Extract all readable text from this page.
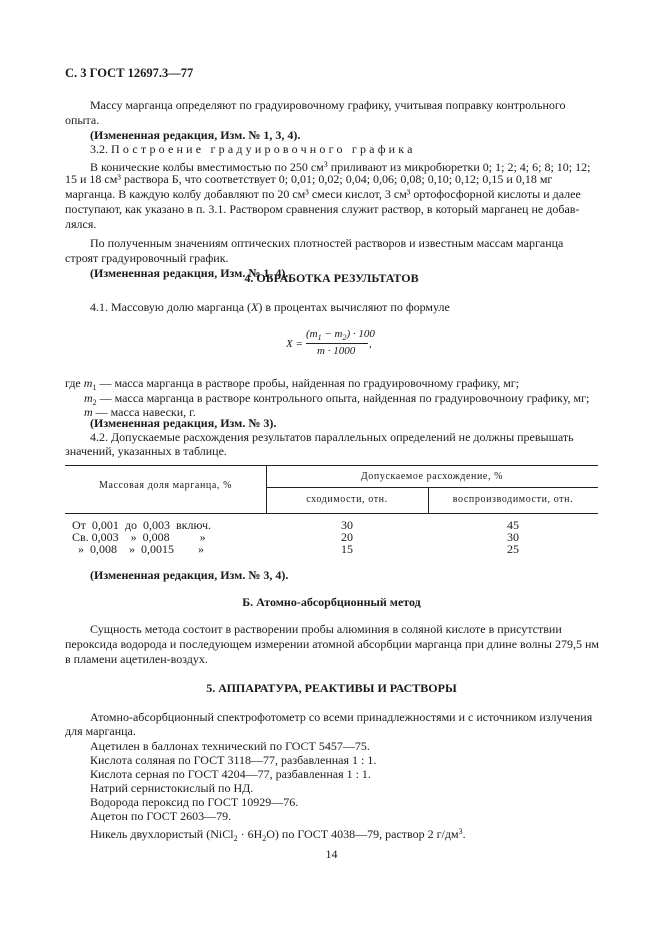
С. 3 ГОСТ 12697.3—77
Массу марганца определяют по градуировочному графику, учитывая поправку контрольного
опыта.
(Измененная редакция, Изм. № 1, 3, 4).
3.2. Построение градуировочного графика
В конические колбы вместимостью по 250 $см^3$ приливают из микробюретки 0; 1; 2; 4; 6; 8; 10; 12;
15 и 18 см³ раствора Б, что соответствует 0; 0,01; 0,02; 0,04; 0,06; 0,08; 0,10; 0,12; 0,15 и 0,18 мг
марганца. В каждую колбу добавляют по 20 см³ смеси кислот, 3 см³ ортофосфорной кислоты и далее
поступают, как указано в п. 3.1. Раствором сравнения служит раствор, в который марганец не добав-
лялся.
По полученным значениям оптических плотностей растворов и известным массам марганца
строят градуировочный график.
(Измененная редакция, Изм. № 1, 4).
4. ОБРАБОТКА РЕЗУЛЬТАТОВ
4.1. Массовую долю марганца (X) в процентах вычисляют по формуле
X =
$(m_1 - m_2) \cdot 100$
m · 1000
,
где $m_1$ — масса марганца в растворе пробы, найденная по градуировочному графику, мг;
$m_2$ — масса марганца в растворе контрольного опыта, найденная по градуировочноиу графику, мг;
m — масса навески, г.
(Измененная редакция, Изм. № 3).
4.2. Допускаемые расхождения результатов параллельных определений не должны превышать
значений, указанных в таблице.
Массовая доля марганца, %
Допускаемое расхождение, %
сходимости, отн.	воспроизводимости, отн.
От  0,001  до  0,003  включ.	30	45
Св. 0,003    »  0,008          »	20	30
»  0,008    »  0,0015        »	15	25
(Измененная редакция, Изм. № 3, 4).
Б. Атомно-абсорбционный метод
Сущность метода состоит в растворении пробы алюминия в соляной кислоте в присутствии
пероксида водорода и последующем измерении атомной абсорбции марганца при длине волны 279,5 нм
в пламени ацетилен-воздух.
5. АППАРАТУРА, РЕАКТИВЫ И РАСТВОРЫ
Атомно-абсорбционный спектрофотометр со всеми принадлежностями и с источником излучения
для марганца.
Ацетилен в баллонах технический по ГОСТ 5457—75.
Кислота соляная по ГОСТ 3118—77, разбавленная 1 : 1.
Кислота серная по ГОСТ 4204—77, разбавленная 1 : 1.
Натрий сернистокислый по НД.
Водорода пероксид по ГОСТ 10929—76.
Ацетон по ГОСТ 2603—79.
Никель двухлористый (NiCl$_2$ · $6H_2O$) по ГОСТ 4038—79, раствор 2 $г/дм^3$.
14
